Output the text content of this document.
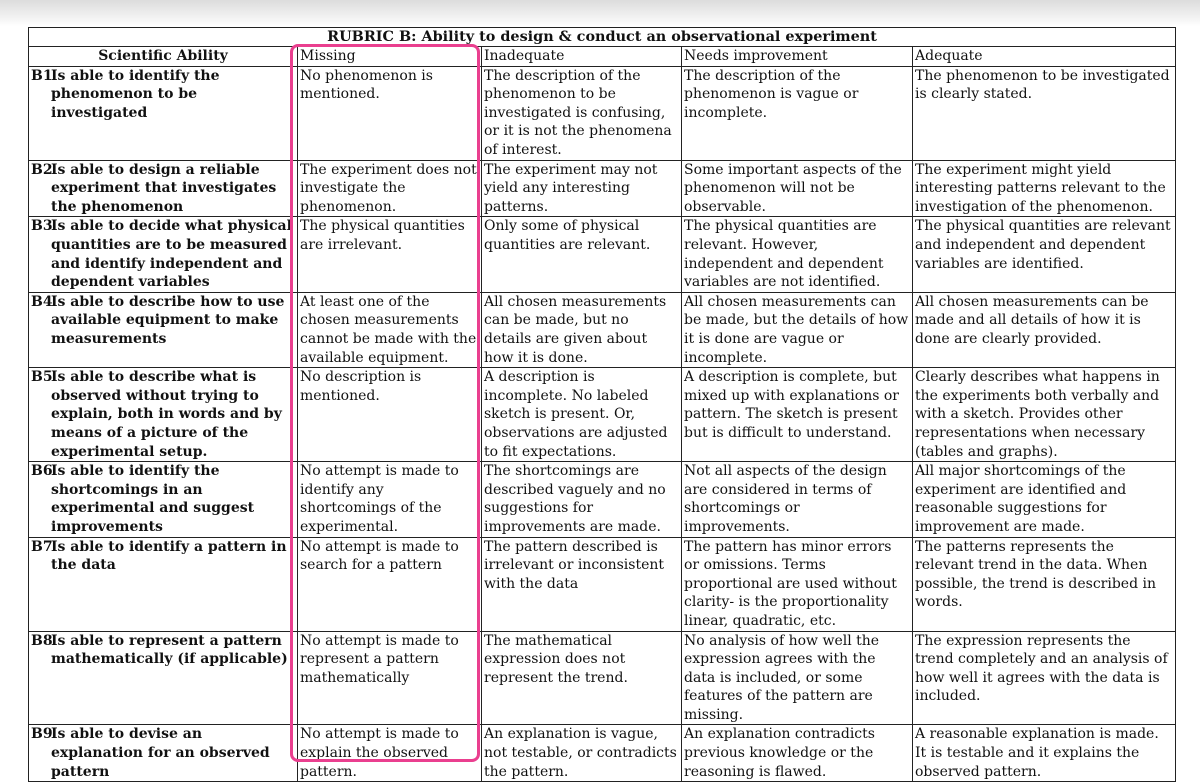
RUBRIC B: Ability to design & conduct an observational experiment				
Scientific Ability	Missing	Inadequate	Needs improvement	Adequate

B1
Is able to identify the phenomenon to be investigated	No phenomenon is mentioned.	The description of the phenomenon to be investigated is confusing, or it is not the phenomena of interest.	The description of the phenomenon is vague or incomplete.	The phenomenon to be investigated is clearly stated.

B2
Is able to design a reliable experiment that investigates the phenomenon	The experiment does not investigate the phenomenon.	The experiment may not yield any interesting patterns.	Some important aspects of the phenomenon will not be observable.	The experiment might yield interesting patterns relevant to the investigation of the phenomenon.

B3
Is able to decide what physical quantities are to be measured and identify independent and dependent variables	The physical quantities are irrelevant.	Only some of physical quantities are relevant.	The physical quantities are relevant. However, independent and dependent variables are not identified.	The physical quantities are relevant and independent and dependent variables are identified.

B4
Is able to describe how to use available equipment to make measurements	At least one of the chosen measurements cannot be made with the available equipment.	All chosen measurements can be made, but no details are given about how it is done.	All chosen measurements can be made, but the details of how it is done are vague or incomplete.	All chosen measurements can be made and all details of how it is done are clearly provided.

B5
Is able to describe what is observed without trying to explain, both in words and by means of a picture of the experimental setup.	No description is mentioned.	A description is incomplete. No labeled sketch is present. Or, observations are adjusted to fit expectations.	A description is complete, but mixed up with explanations or pattern. The sketch is present but is difficult to understand.	Clearly describes what happens in the experiments both verbally and with a sketch. Provides other representations when necessary (tables and graphs).

B6
Is able to identify the shortcomings in an experimental and suggest improvements	No attempt is made to identify any shortcomings of the experimental.	The shortcomings are described vaguely and no suggestions for improvements are made.	Not all aspects of the design are considered in terms of shortcomings or improvements.	All major shortcomings of the experiment are identified and reasonable suggestions for improvement are made.

B7
Is able to identify a pattern in the data	No attempt is made to search for a pattern	The pattern described is irrelevant or inconsistent with the data	The pattern has minor errors or omissions. Terms proportional are used without clarity- is the proportionality linear, quadratic, etc.	The patterns represents the relevant trend in the data. When possible, the trend is described in words.

B8
Is able to represent a pattern mathematically (if applicable)	No attempt is made to represent a pattern mathematically	The mathematical expression does not represent the trend.	No analysis of how well the expression agrees with the data is included, or some features of the pattern are missing.	The expression represents the trend completely and an analysis of how well it agrees with the data is included.

B9
Is able to devise an explanation for an observed pattern	No attempt is made to explain the observed pattern.	An explanation is vague, not testable, or contradicts the pattern.	An explanation contradicts previous knowledge or the reasoning is flawed.	A reasonable explanation is made. It is testable and it explains the observed pattern.
